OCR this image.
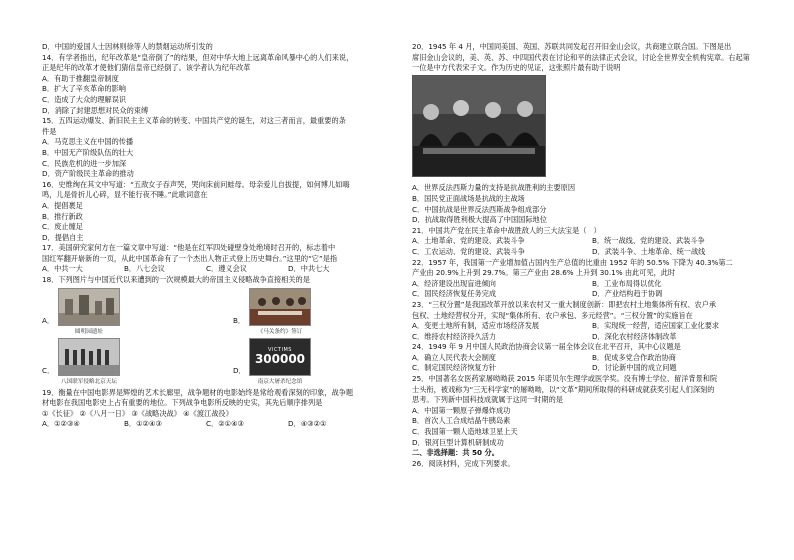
D．中国的爱国人士因林则徐等人的禁烟运动所引发的
14．有学者指出，纪年改革是“皇帝倒了”的结果，但对中华大地上远离革命风暴中心的人们来说，
正是纪年的改革才使他们猜信皇帝已经倒了。该学者认为纪年改革
A．有助于推翻皇帝制度
B．扩大了辛亥革命的影响
C．造成了大众的理解误识
D．消除了封建思想对民众的束缚
15．五四运动爆发、新旧民主主义革命的转变、中国共产党的诞生，对这三者而言，最重要的条
件是
A．马克思主义在中国的传播
B．中国无产阶级队伍的壮大
C．民族危机的进一步加深
D．资产阶级民主革命的推动
16．史维绚在其文中写道：“五敌女子吞声哭，哭向床前问蛙母。母亲爱儿自拔提，如何博儿如嗨
鸣，儿是骨折儿心碎，显不能行夜不睡。”此歌词意在
A．提倡裹足
B．推行新政
C．废止缠足
D．提倡自主
17．美国研究家何方在一篇文章中写道：“他是在红军四处碰壁身处绝境时召开的，标志着中
国红军翻开崭新的一页，从此中国革命有了一个杰出人物正式登上历史舞台。”这里的“它”是指
A．中共一大	B．八七会议	C．遵义会议	D．中共七大
18．下列图片与中国近代以来遭到的一次规模最大的帝国主义侵略战争直接相关的是
A．
圆明园遗址
B．
《马关条约》签订
C．
八国联军侵略北京天坛
D．
VICTIMS
300000
南京大屠杀纪念馆
19．衡量在中国电影界是辉煌的艺术长廊里，战争题材的电影始终是常给观看深刻的印象，战争题
材电影在我国电影史上占有重要的地位。下列战争电影所反映的史实，其先后顺序排列是
①《长征》 ②《八月一日》 ③《战略决战》 ④《渡江战役》
A．①②③④	B．①②④③	C．②①④③	D．④③②①
20．1945 年 4 月，中国同美国、英国、苏联共同发起召开旧金山会议，共商建立联合国。下图是出
席旧金山会议的，美、英、苏、中四国代表在讨论和平的法律正式会议，讨论全世界安全机构宪章。右起第
一位是中方代表宋子文。作为历史的见证，这张照片最有助于说明
A．世界反法西斯力量的支持是抗战胜利的主要原因
B．国民党正面战场是抗战的主战场
C．中国抗战是世界反法西斯战争组成部分
D．抗战取得胜利极大提高了中国国际地位
21．中国共产党在民主革命中战胜敌人的三大法宝是（　）
A．土地革命、党的建设、武装斗争	B．统一战线、党的建设、武装斗争
C．工农运动、党的建设、武装斗争	D．武装斗争、土地革命、统一战线
22．1957 年，我国第一产业增加值占国内生产总值的比重由 1952 年的 50.5% 下降为 40.3%第二
产业由 20.9%上升到 29.7%。第三产业由 28.6% 上升到 30.1% 由此可见，此时
A．经济建设出现盲进倾向	B．工业布局得以优化
C．国民经济恢复任务完成	D．产业结构趋于协调
23．“三权分置”是我国改革开放以来农村又一重大制度创新：即把农村土地集体所有权、农户承
包权、土地经营权分开，实现“集体所有、农户承包、多元经营”。“三权分置”的实施旨在
A．变更土地所有制，适应市场经济发展	B．实现统一经营，适应国家工业化要求
C．维持农村经济持久活力	D．深化农村经济体制改革
24．1949 年 9 月中国人民政治协商会议第一届全体会议在北平召开，其中心议题是
A．确立人民代表大会制度	B．促成多党合作政治协商
C．制定国民经济恢复方针	D．讨论新中国的成立问题
25．中国著名女医药家屠呦呦获 2015 年诺贝尔生理学或医学奖。没有博士学位、留洋背景和院
士头衔，被戏称为“三无科学家”的屠呦呦，以“文革”期间所取得的科研成就获奖引起人们深刻的
思考。下列新中国科技成就属于这同一时期的是
A．中国第一颗原子弹爆炸成功
B．首次人工合成结晶牛胰岛素
C．我国第一颗人造地球卫星上天
D．银河巨型计算机研制成功
二、非选择题：共 50 分。
26．阅读材料，完成下列要求。
